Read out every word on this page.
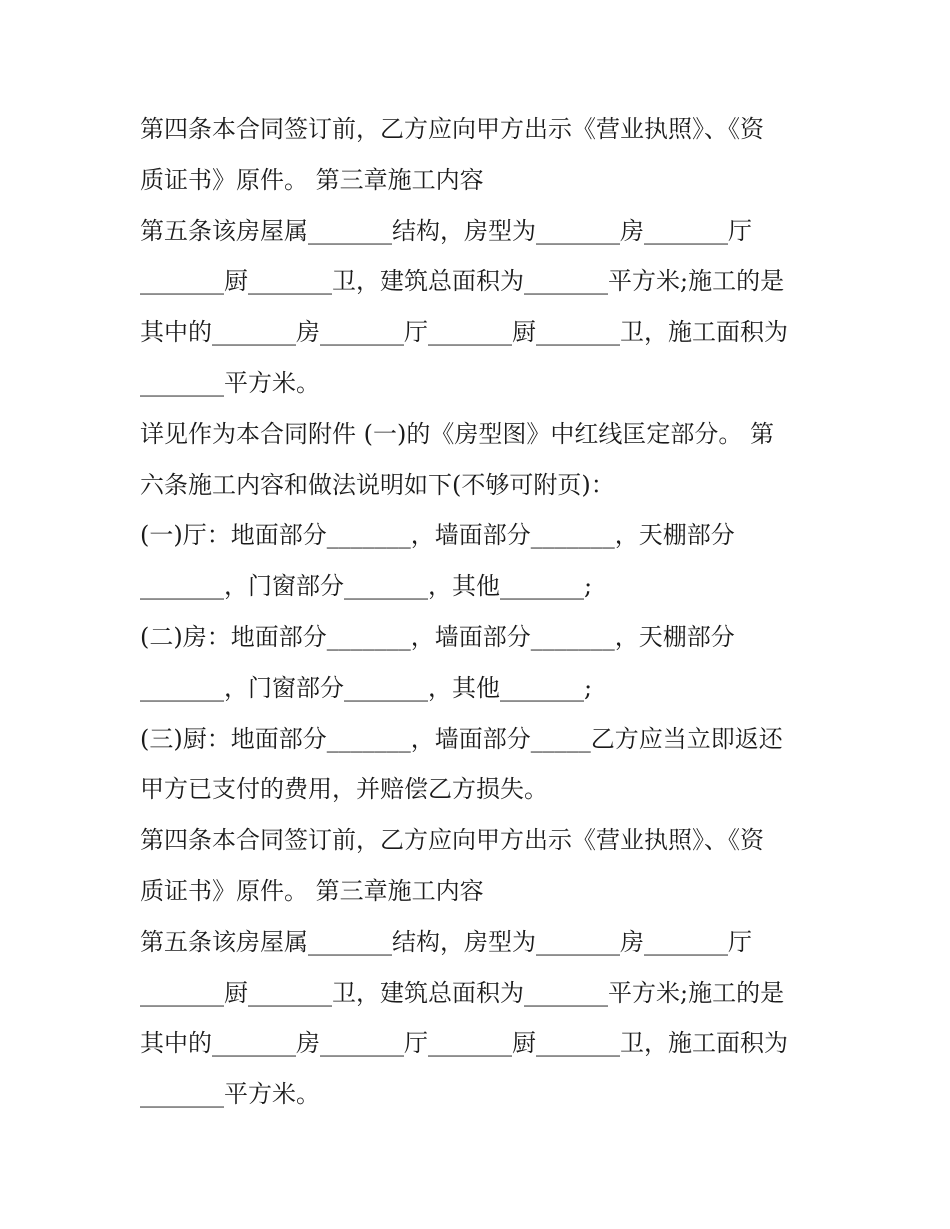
第四条本合同签订前，乙方应向甲方出示《营业执照》、《资
质证书》原件。 第三章施工内容
第五条该房屋属_______结构，房型为_______房_______厅
_______厨_______卫，建筑总面积为_______平方米;施工的是
其中的_______房_______厅_______厨_______卫，施工面积为
_______平方米。
详见作为本合同附件 (一)的《房型图》中红线匡定部分。 第
六条施工内容和做法说明如下(不够可附页)：
(一)厅：地面部分_______，墙面部分_______，天棚部分
_______，门窗部分_______，其他_______;
(二)房：地面部分_______，墙面部分_______，天棚部分
_______，门窗部分_______，其他_______;
(三)厨：地面部分_______，墙面部分_____乙方应当立即返还
甲方已支付的费用，并赔偿乙方损失。
第四条本合同签订前，乙方应向甲方出示《营业执照》、《资
质证书》原件。 第三章施工内容
第五条该房屋属_______结构，房型为_______房_______厅
_______厨_______卫，建筑总面积为_______平方米;施工的是
其中的_______房_______厅_______厨_______卫，施工面积为
_______平方米。
